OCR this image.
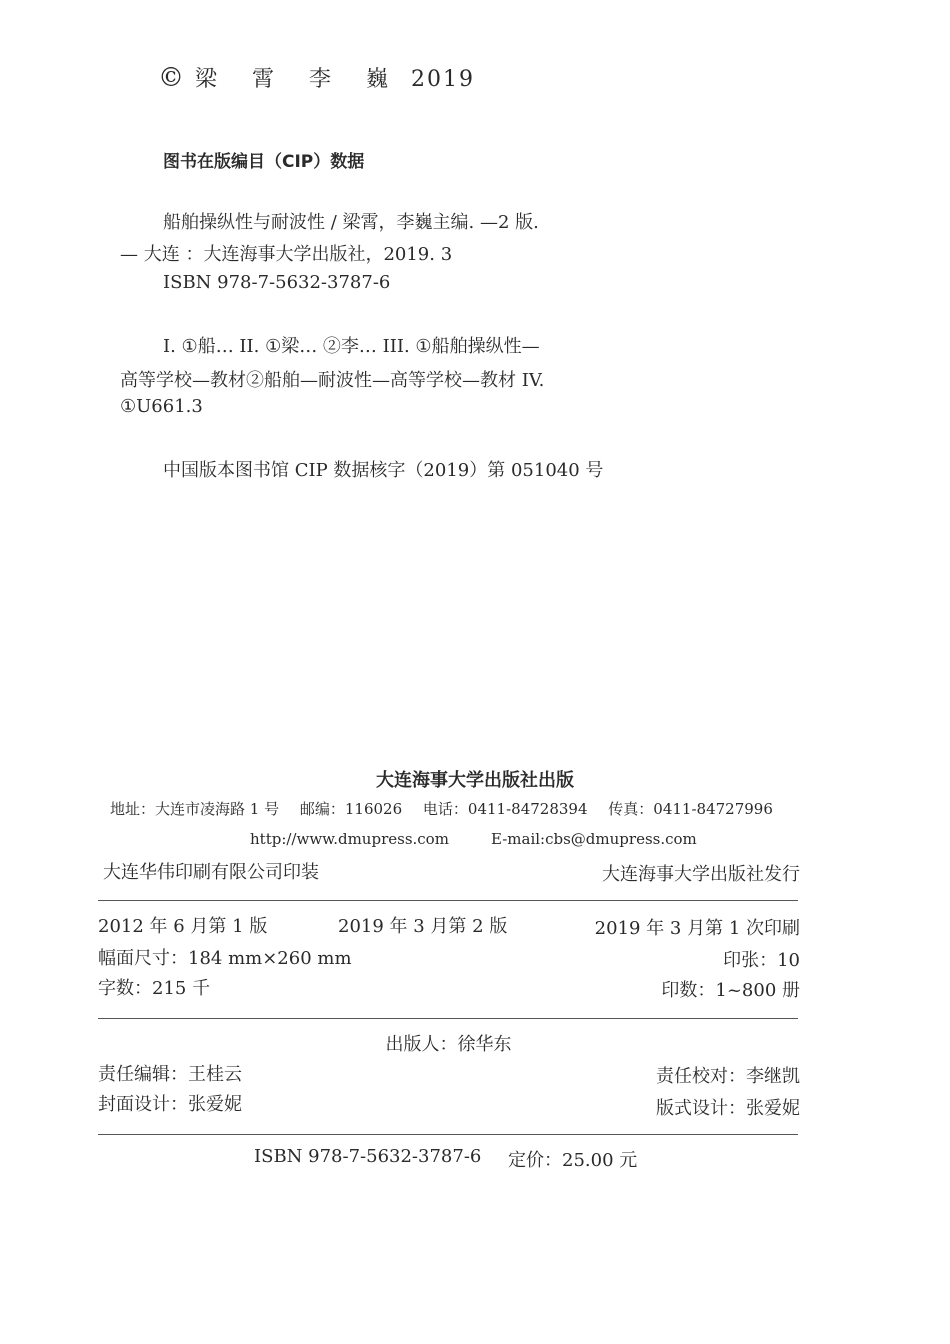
© 梁 霄 李 巍 2019
图书在版编目（CIP）数据
船舶操纵性与耐波性 / 梁霄，李巍主编. —2 版.
— 大连 ：大连海事大学出版社，2019. 3
ISBN 978-7-5632-3787-6
I. ①船… II. ①梁… ②李… III. ①船舶操纵性—
高等学校—教材②船舶—耐波性—高等学校—教材 IV.
①U661.3
中国版本图书馆 CIP 数据核字（2019）第 051040 号
大连海事大学出版社出版
地址：大连市凌海路 1 号 邮编：116026 电话：0411-84728394 传真：0411-84727996
http://www.dmupress.com	E-mail:cbs@dmupress.com
大连华伟印刷有限公司印装	大连海事大学出版社发行
2012 年 6 月第 1 版	2019 年 3 月第 2 版	2019 年 3 月第 1 次印刷
幅面尺寸：184 mm×260 mm	印张：10
字数：215 千	印数：1~800 册
出版人：徐华东
责任编辑：王桂云	责任校对：李继凯
封面设计：张爱妮	版式设计：张爱妮
ISBN 978-7-5632-3787-6 定价：25.00 元
